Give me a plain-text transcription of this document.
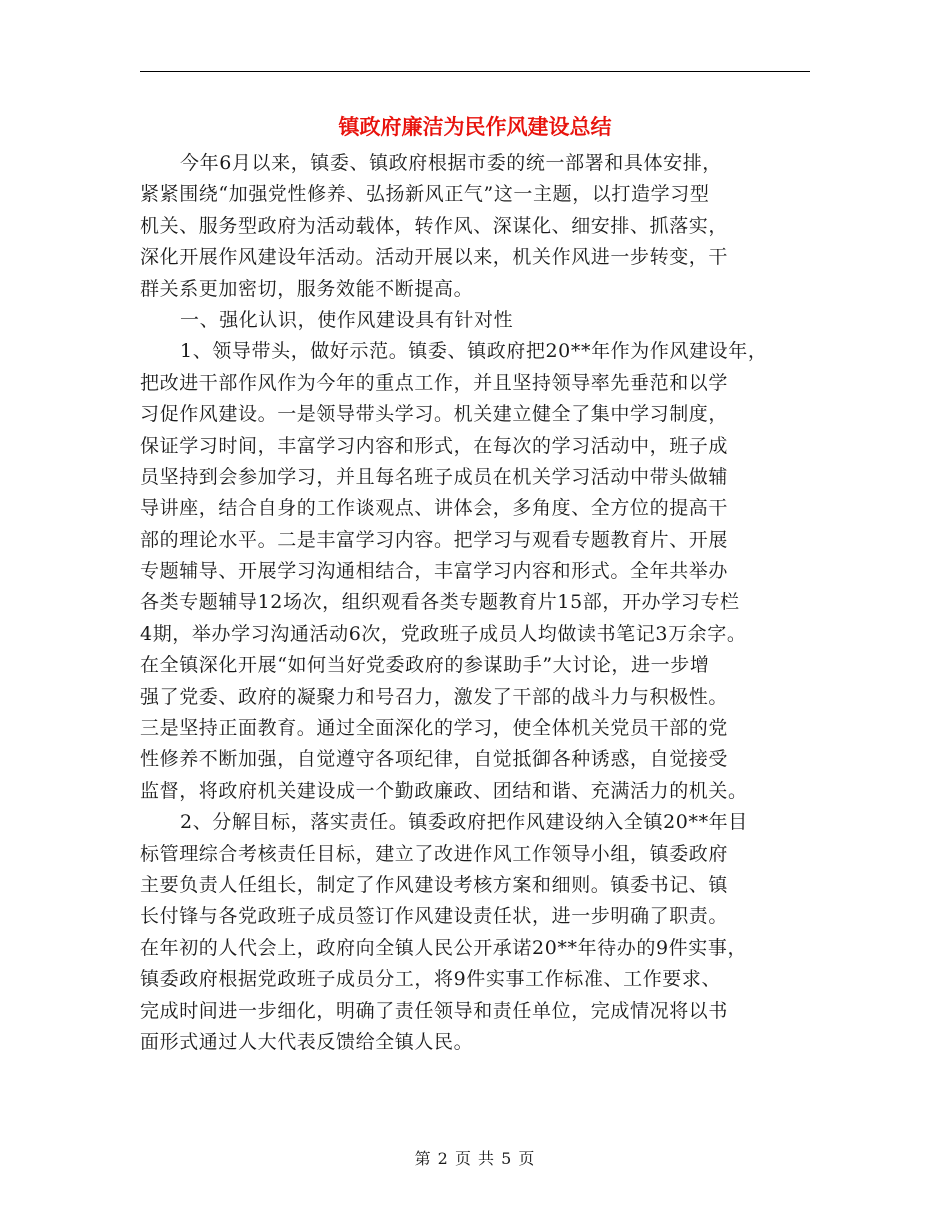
镇政府廉洁为民作风建设总结
今年6月以来，镇委、镇政府根据市委的统一部署和具体安排，
紧紧围绕“加强党性修养、弘扬新风正气”这一主题，以打造学习型
机关、服务型政府为活动载体，转作风、深谋化、细安排、抓落实，
深化开展作风建设年活动。活动开展以来，机关作风进一步转变，干
群关系更加密切，服务效能不断提高。
一、强化认识，使作风建设具有针对性
1、领导带头，做好示范。镇委、镇政府把20**年作为作风建设年，
把改进干部作风作为今年的重点工作，并且坚持领导率先垂范和以学
习促作风建设。一是领导带头学习。机关建立健全了集中学习制度，
保证学习时间，丰富学习内容和形式，在每次的学习活动中，班子成
员坚持到会参加学习，并且每名班子成员在机关学习活动中带头做辅
导讲座，结合自身的工作谈观点、讲体会，多角度、全方位的提高干
部的理论水平。二是丰富学习内容。把学习与观看专题教育片、开展
专题辅导、开展学习沟通相结合，丰富学习内容和形式。全年共举办
各类专题辅导12场次，组织观看各类专题教育片15部，开办学习专栏
4期，举办学习沟通活动6次，党政班子成员人均做读书笔记3万余字。
在全镇深化开展“如何当好党委政府的参谋助手”大讨论，进一步增
强了党委、政府的凝聚力和号召力，激发了干部的战斗力与积极性。
三是坚持正面教育。通过全面深化的学习，使全体机关党员干部的党
性修养不断加强，自觉遵守各项纪律，自觉抵御各种诱惑，自觉接受
监督，将政府机关建设成一个勤政廉政、团结和谐、充满活力的机关。
2、分解目标，落实责任。镇委政府把作风建设纳入全镇20**年目
标管理综合考核责任目标，建立了改进作风工作领导小组，镇委政府
主要负责人任组长，制定了作风建设考核方案和细则。镇委书记、镇
长付锋与各党政班子成员签订作风建设责任状，进一步明确了职责。
在年初的人代会上，政府向全镇人民公开承诺20**年待办的9件实事，
镇委政府根据党政班子成员分工，将9件实事工作标准、工作要求、
完成时间进一步细化，明确了责任领导和责任单位，完成情况将以书
面形式通过人大代表反馈给全镇人民。
第 2 页 共 5 页
